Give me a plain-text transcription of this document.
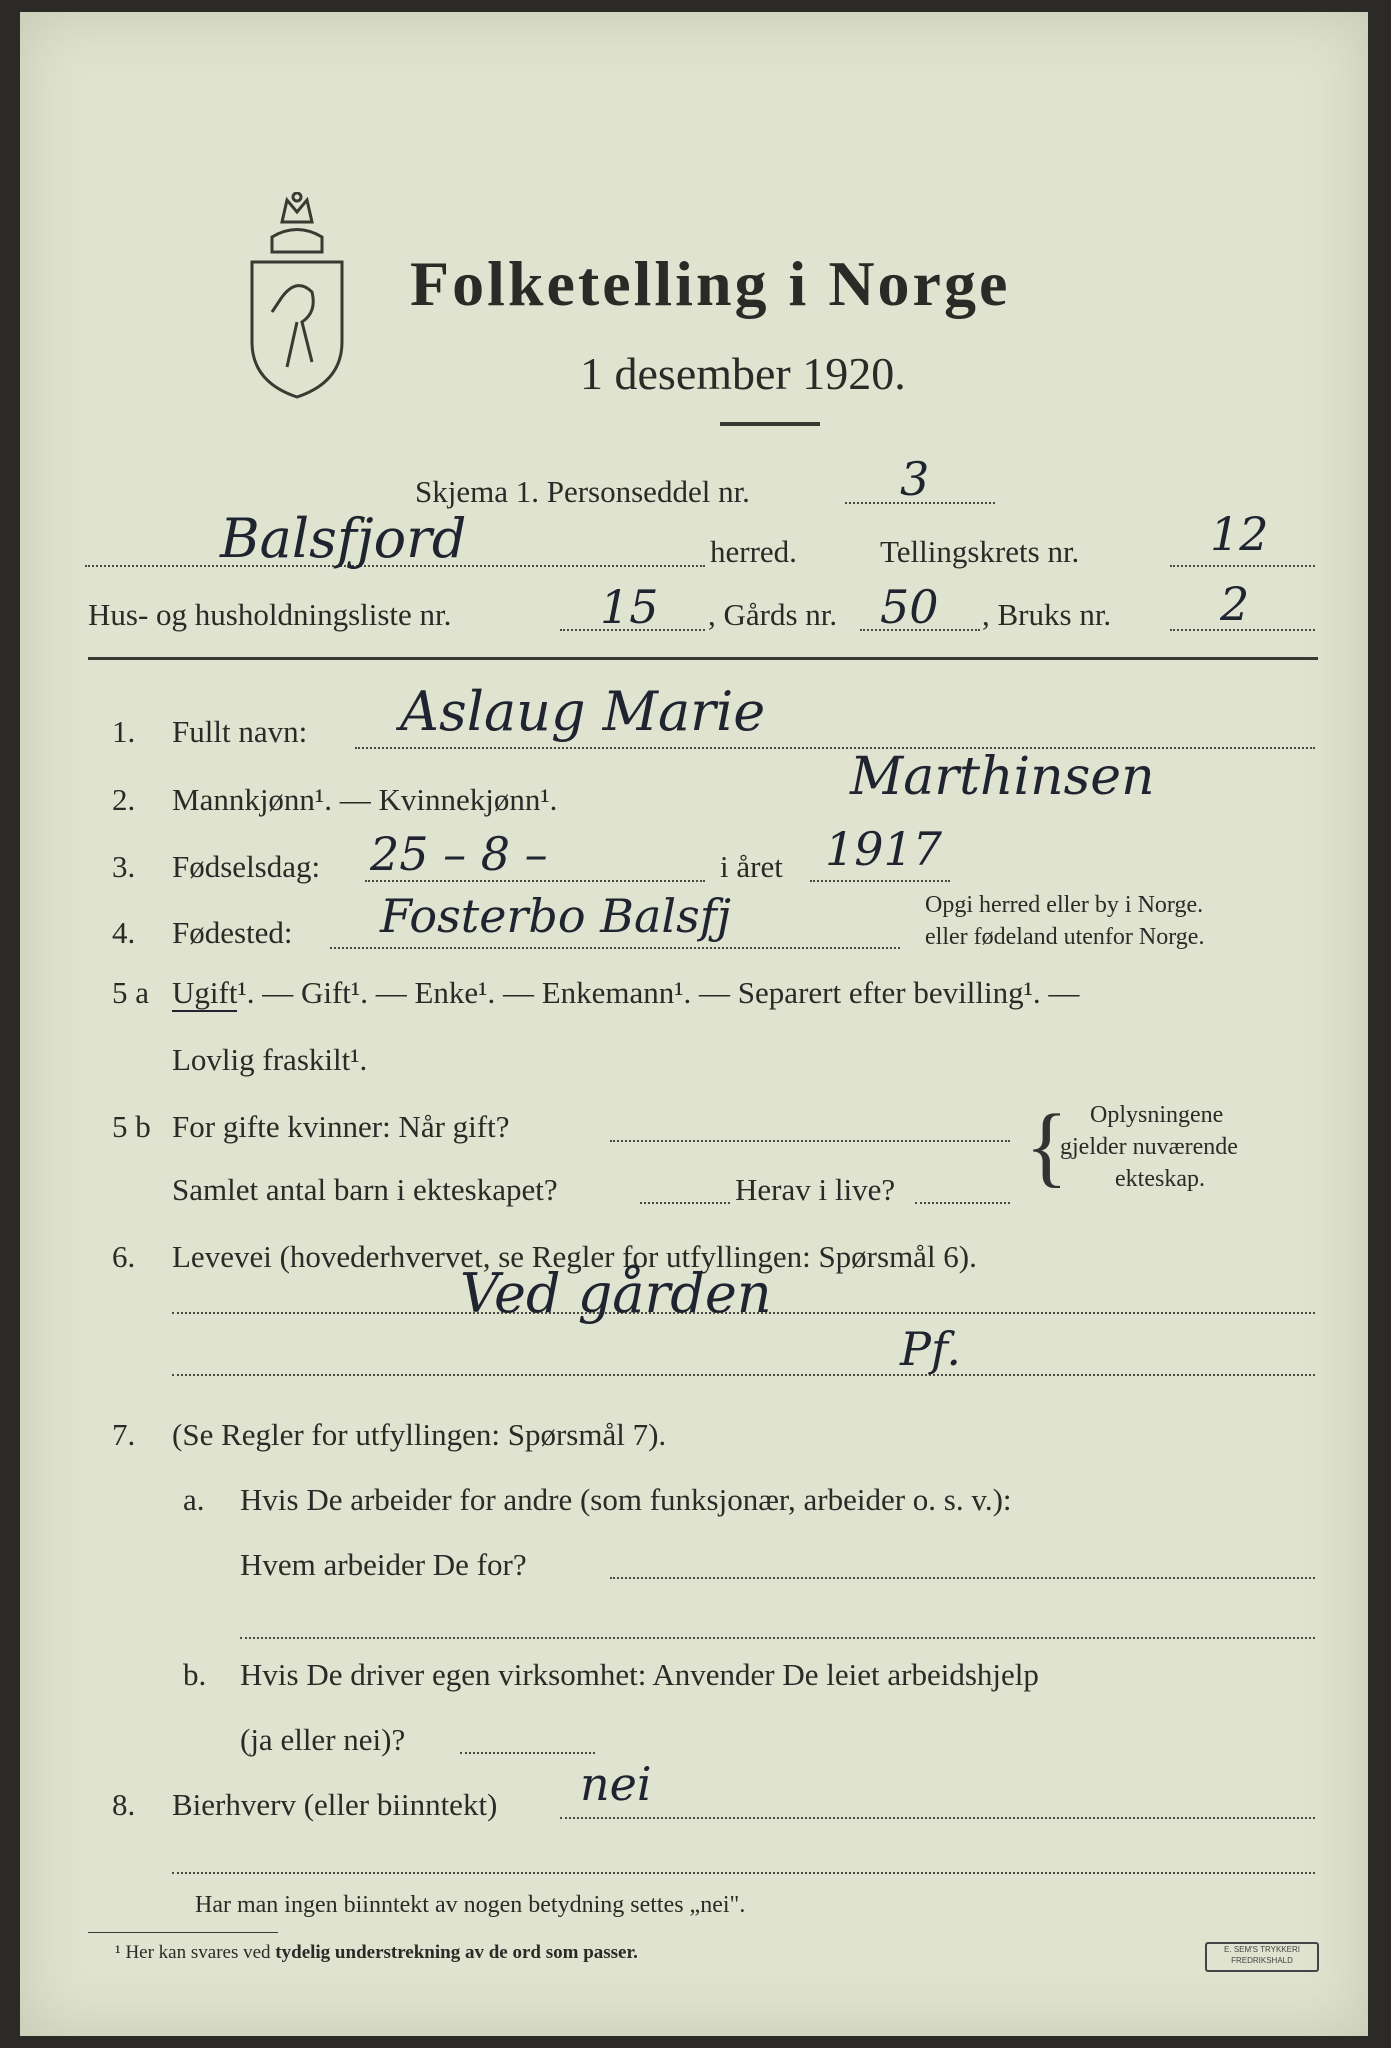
Folketelling i Norge
1 desember 1920.
Skjema 1. Personseddel nr.	3
Balsfjord	herred.	Tellingskrets nr.	12
Hus- og husholdningsliste nr.	15 , Gårds nr. 50 , Bruks nr. 2
1. Fullt navn: Aslaug Marie
Marthinsen
2. Mannkjønn¹. — Kvinnekjønn¹.
3. Fødselsdag: 25 – 8 –	i året 1917
4. Fødested: Fosterbo Balsfj	Opgi herred eller by i Norge.
eller fødeland utenfor Norge.
5 a Ugift¹. — Gift¹. — Enke¹. — Enkemann¹. — Separert efter bevilling¹. —
Lovlig fraskilt¹.
5 b For gifte kvinner: Når gift?
Samlet antal barn i ekteskapet?	Herav i live? { Oplysningene
gjelder nuværende
ekteskap.
6. Levevei (hovederhvervet, se Regler for utfyllingen: Spørsmål 6).
Ved gården
Pf.
7. (Se Regler for utfyllingen: Spørsmål 7).
a. Hvis De arbeider for andre (som funksjonær, arbeider o. s. v.):
Hvem arbeider De for?
b. Hvis De driver egen virksomhet: Anvender De leiet arbeidshjelp
(ja eller nei)?
8. Bierhverv (eller biinntekt) nei
Har man ingen biinntekt av nogen betydning settes „nei".
¹ Her kan svares ved tydelig understrekning av de ord som passer.	E. SEM'S TRYKKERI FREDRIKSHALD
